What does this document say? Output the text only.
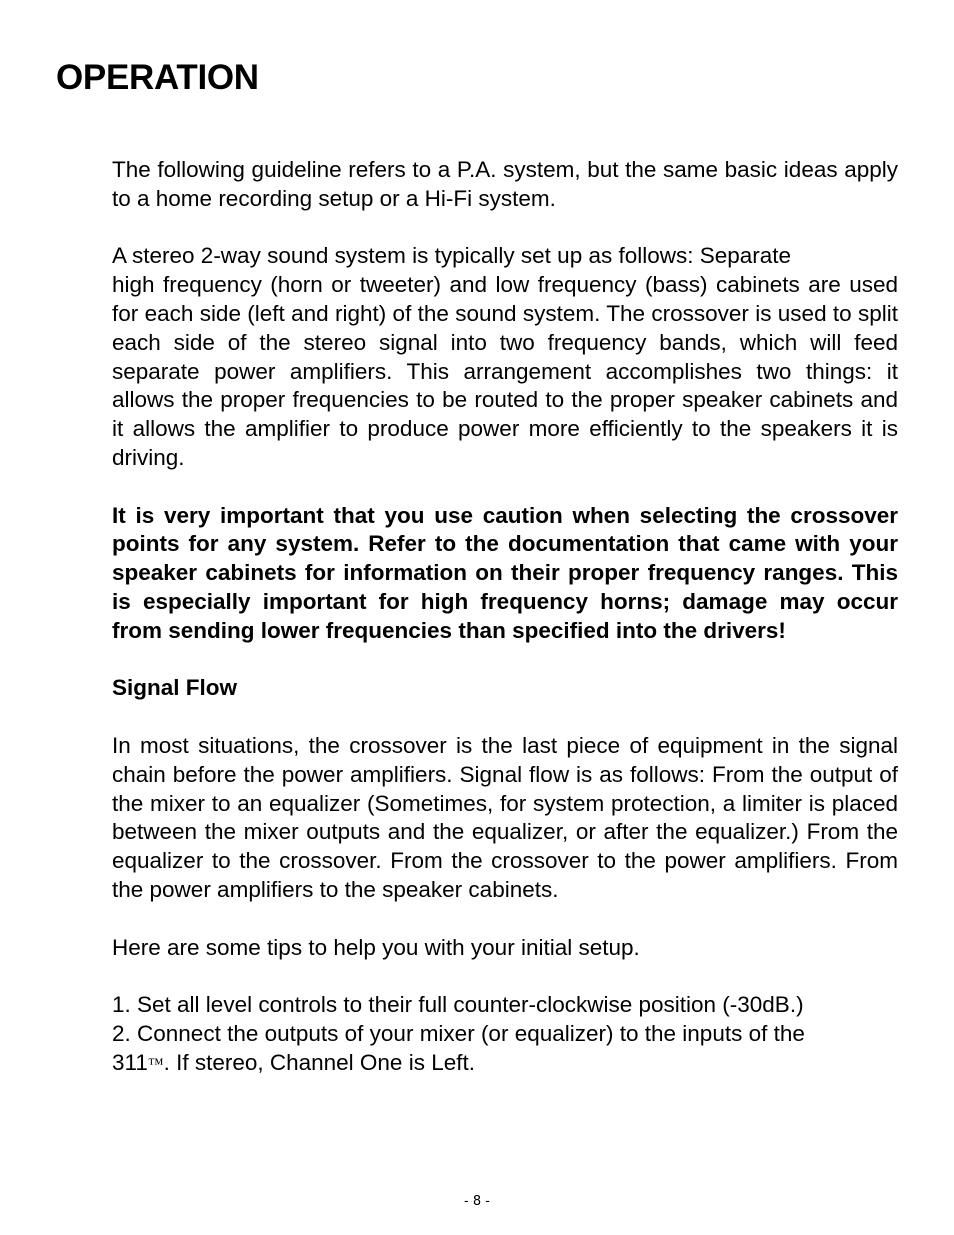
OPERATION

The following guideline refers to a P.A. system, but the same basic ideas apply to a home recording setup or a Hi-Fi system.

A stereo 2-way sound system is typically set up as follows: Separate
high frequency (horn or tweeter) and low frequency (bass) cabinets are used for each side (left and right) of the sound system. The crossover is used to split each side of the stereo signal into two frequency bands, which will feed separate power amplifiers. This arrangement accomplishes two things: it allows the proper frequencies to be routed to the proper speaker cabinets and it allows the amplifier to produce power more efficiently to the speakers it is driving.

It is very important that you use caution when selecting the crossover points for any system. Refer to the documentation that came with your speaker cabinets for information on their proper frequency ranges. This is especially important for high frequency horns; damage may occur from sending lower frequencies than specified into the drivers!

Signal Flow

In most situations, the crossover is the last piece of equipment in the signal chain before the power amplifiers. Signal flow is as follows: From the output of the mixer to an equalizer (Sometimes, for system protection, a limiter is placed between the mixer outputs and the equalizer, or after the equalizer.) From the equalizer to the crossover. From the crossover to the power amplifiers. From the power amplifiers to the speaker cabinets.

Here are some tips to help you with your initial setup.

1. Set all level controls to their full counter-clockwise position (-30dB.)
2. Connect the outputs of your mixer (or equalizer) to the inputs of the
311™. If stereo, Channel One is Left.
- 8 -
